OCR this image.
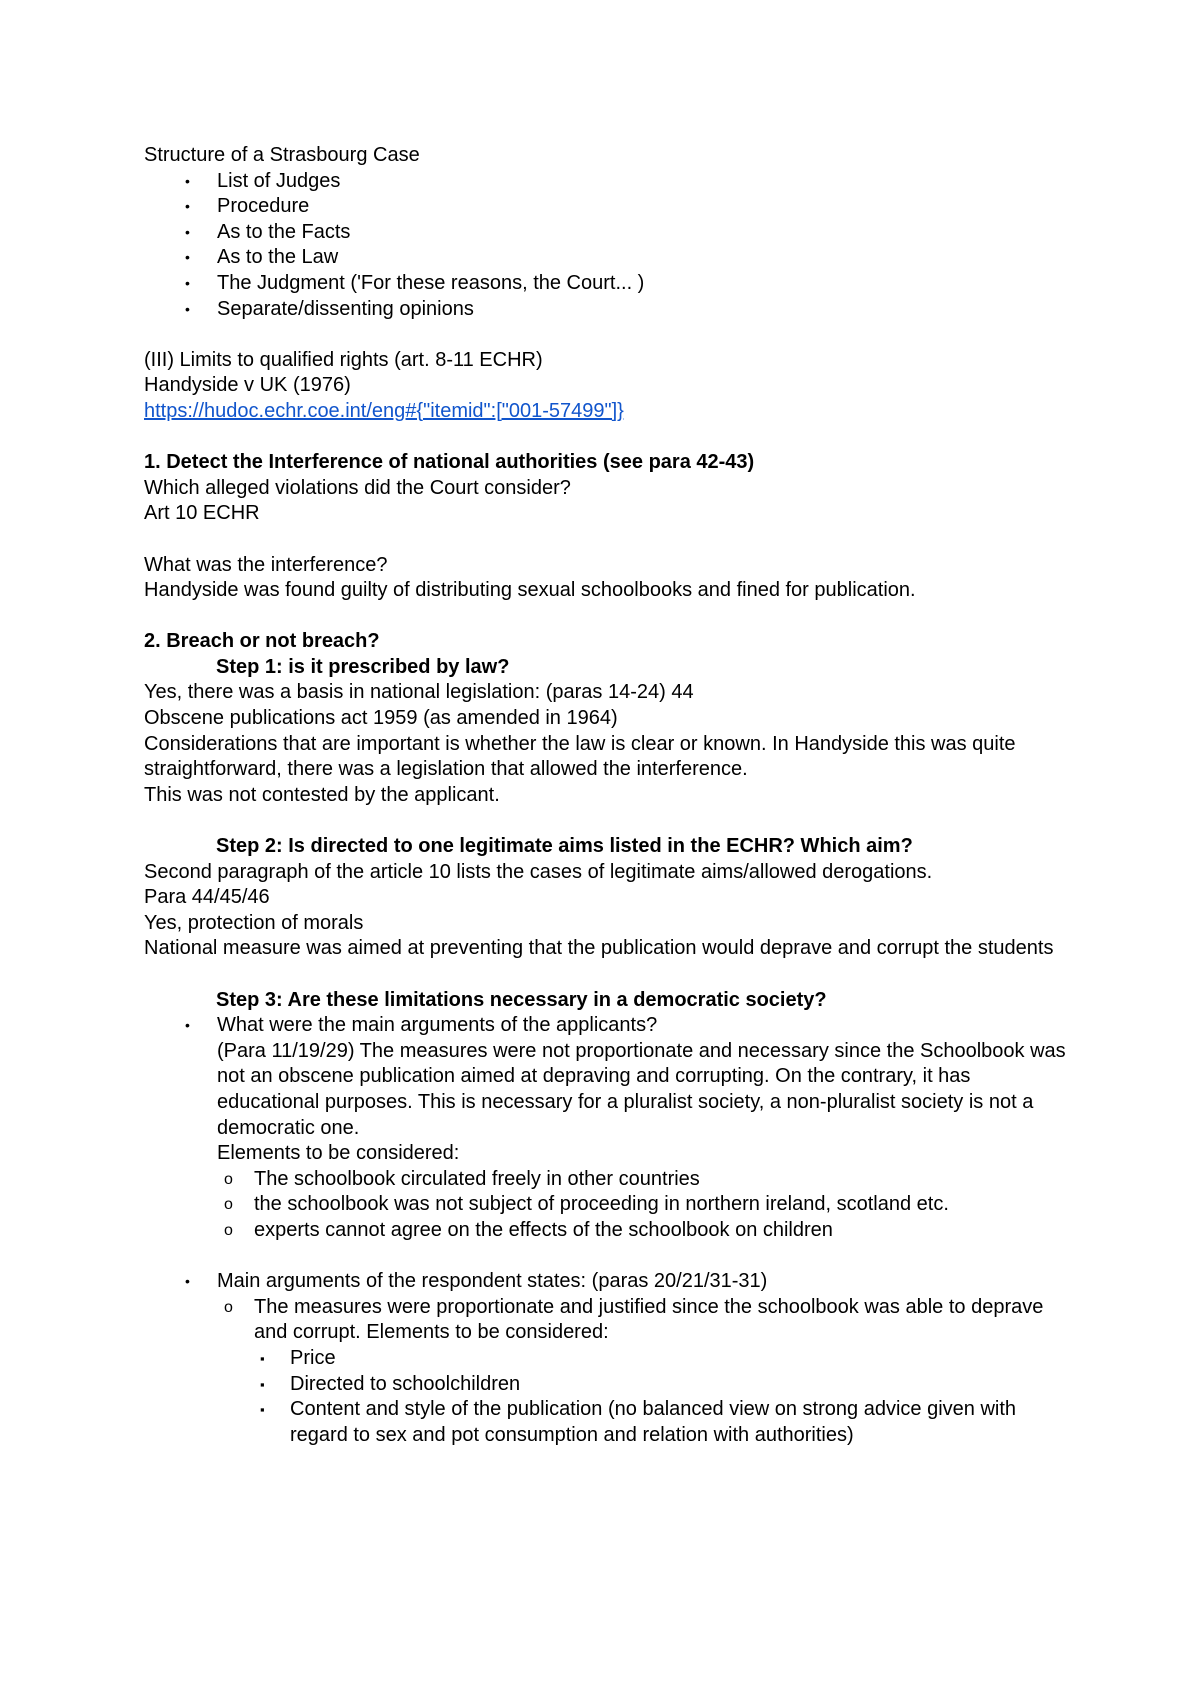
Structure of a Strasbourg Case
• List of Judges
• Procedure
• As to the Facts
• As to the Law
• The Judgment ('For these reasons, the Court... )
• Separate/dissenting opinions
(III) Limits to qualified rights (art. 8-11 ECHR)
Handyside v UK (1976)
https://hudoc.echr.coe.int/eng#{"itemid":["001-57499"]}
1. Detect the Interference of national authorities (see para 42-43)
Which alleged violations did the Court consider?
Art 10 ECHR
What was the interference?
Handyside was found guilty of distributing sexual schoolbooks and fined for publication.
2. Breach or not breach?
Step 1: is it prescribed by law?
Yes, there was a basis in national legislation: (paras 14-24) 44
Obscene publications act 1959 (as amended in 1964)
Considerations that are important is whether the law is clear or known. In Handyside this was quite straightforward, there was a legislation that allowed the interference.
This was not contested by the applicant.
Step 2: Is directed to one legitimate aims listed in the ECHR? Which aim?
Second paragraph of the article 10 lists the cases of legitimate aims/allowed derogations.
Para 44/45/46
Yes, protection of morals
National measure was aimed at preventing that the publication would deprave and corrupt the students
Step 3: Are these limitations necessary in a democratic society?
• What were the main arguments of the applicants?
(Para 11/19/29) The measures were not proportionate and necessary since the Schoolbook was not an obscene publication aimed at depraving and corrupting. On the contrary, it has educational purposes. This is necessary for a pluralist society, a non-pluralist society is not a democratic one.
Elements to be considered:
o The schoolbook circulated freely in other countries
o the schoolbook was not subject of proceeding in northern ireland, scotland etc.
o experts cannot agree on the effects of the schoolbook on children
• Main arguments of the respondent states: (paras 20/21/31-31)
o The measures were proportionate and justified since the schoolbook was able to deprave and corrupt. Elements to be considered:
▪ Price
▪ Directed to schoolchildren
▪ Content and style of the publication (no balanced view on strong advice given with regard to sex and pot consumption and relation with authorities)
